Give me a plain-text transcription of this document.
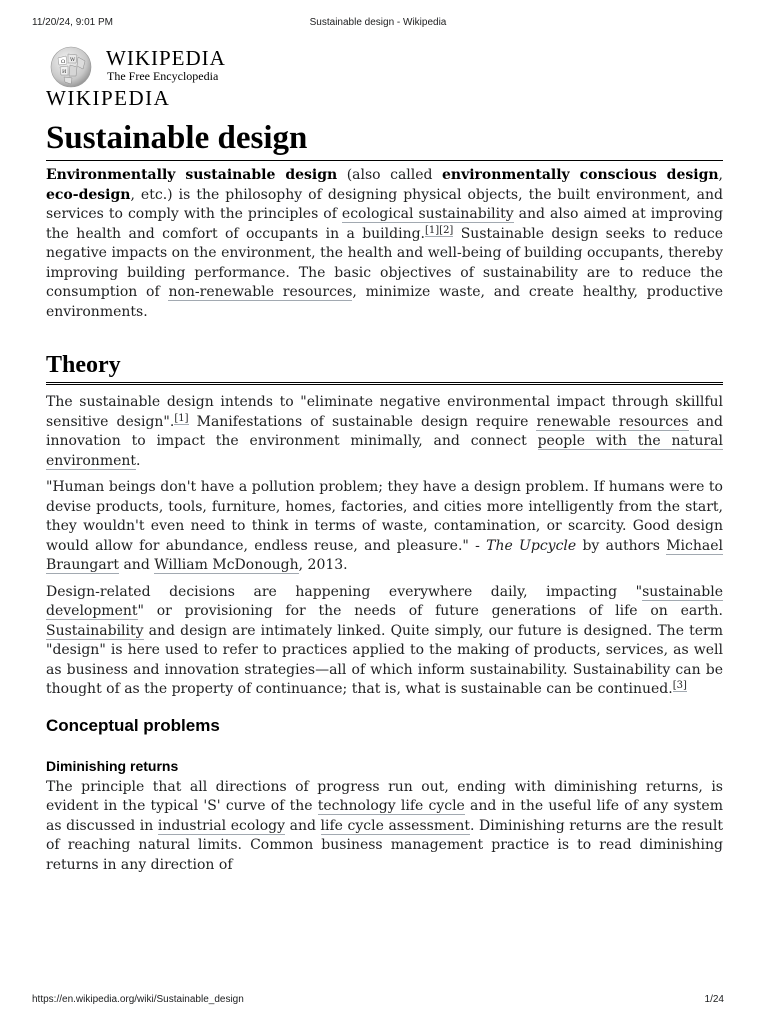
11/20/24, 9:01 PM	Sustainable design - Wikipedia
Ω W
И
WIKIPEDIA
The Free Encyclopedia
WIKIPEDIA
Sustainable design

Environmentally sustainable design (also called environmentally conscious design, eco-design, etc.) is the philosophy of designing physical objects, the built environment, and services to comply with the principles of ecological sustainability and also aimed at improving the health and comfort of occupants in a building.[1][2] Sustainable design seeks to reduce negative impacts on the environment, the health and well-being of building occupants, thereby improving building performance. The basic objectives of sustainability are to reduce the consumption of non-renewable resources, minimize waste, and create healthy, productive environments.

Theory

The sustainable design intends to "eliminate negative environmental impact through skillful sensitive design".[1] Manifestations of sustainable design require renewable resources and innovation to impact the environment minimally, and connect people with the natural environment.

"Human beings don't have a pollution problem; they have a design problem. If humans were to devise products, tools, furniture, homes, factories, and cities more intelligently from the start, they wouldn't even need to think in terms of waste, contamination, or scarcity. Good design would allow for abundance, endless reuse, and pleasure." - The Upcycle by authors Michael Braungart and William McDonough, 2013.

Design-related decisions are happening everywhere daily, impacting "sustainable development" or provisioning for the needs of future generations of life on earth. Sustainability and design are intimately linked. Quite simply, our future is designed. The term "design" is here used to refer to practices applied to the making of products, services, as well as business and innovation strategies—all of which inform sustainability. Sustainability can be thought of as the property of continuance; that is, what is sustainable can be continued.[3]

Conceptual problems
Diminishing returns

The principle that all directions of progress run out, ending with diminishing returns, is evident in the typical 'S' curve of the technology life cycle and in the useful life of any system as discussed in industrial ecology and life cycle assessment. Diminishing returns are the result of reaching natural limits. Common business management practice is to read diminishing returns in any direction of

https://en.wikipedia.org/wiki/Sustainable_design	1/24
